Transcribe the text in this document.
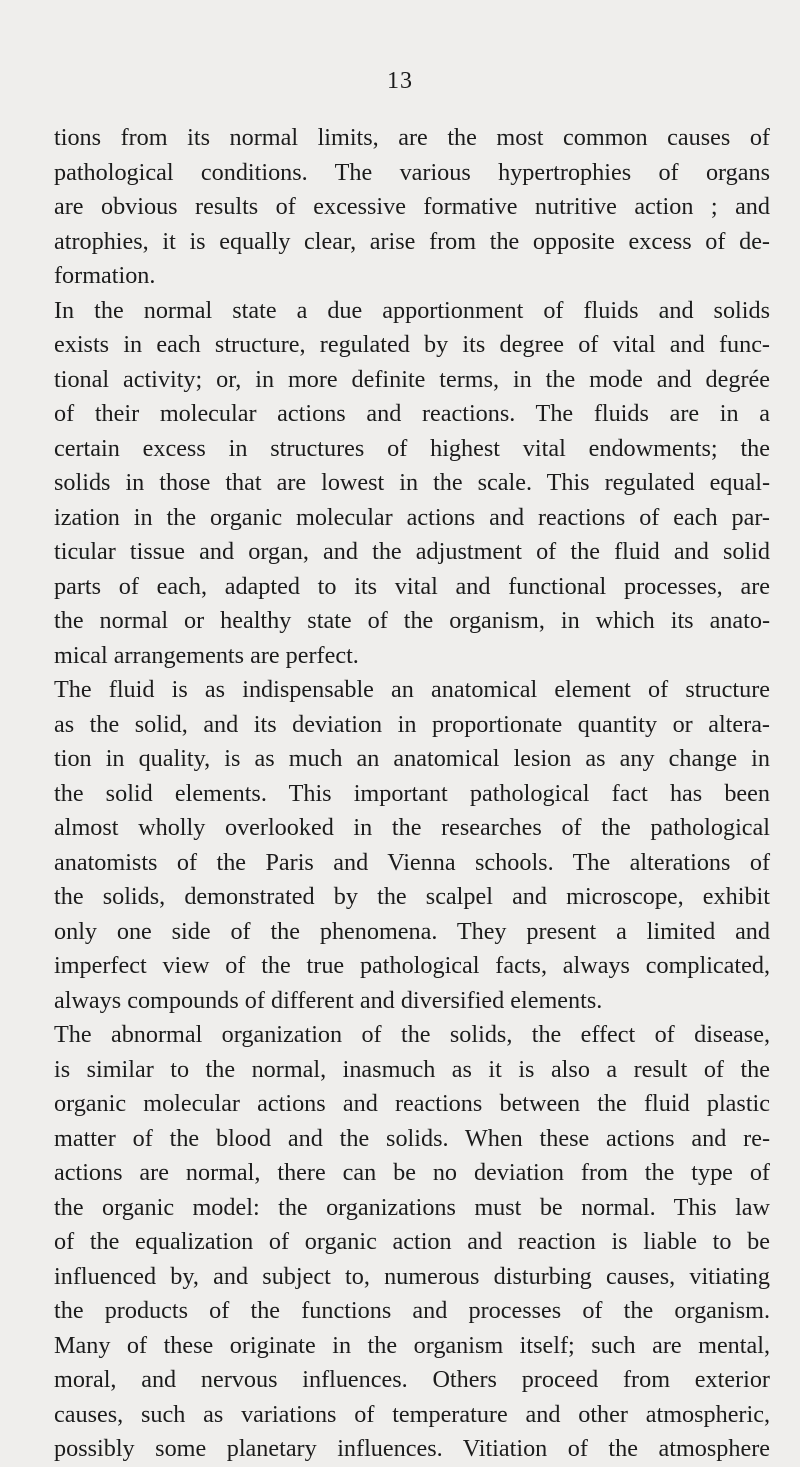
13
tions from its normal limits, are the most common causes of
pathological conditions. The various hypertrophies of organs
are obvious results of excessive formative nutritive action ; and
atrophies, it is equally clear, arise from the opposite excess of de-
formation.
In the normal state a due apportionment of fluids and solids
exists in each structure, regulated by its degree of vital and func-
tional activity; or, in more definite terms, in the mode and degrée
of their molecular actions and reactions. The fluids are in a
certain excess in structures of highest vital endowments; the
solids in those that are lowest in the scale. This regulated equal-
ization in the organic molecular actions and reactions of each par-
ticular tissue and organ, and the adjustment of the fluid and solid
parts of each, adapted to its vital and functional processes, are
the normal or healthy state of the organism, in which its anato-
mical arrangements are perfect.
The fluid is as indispensable an anatomical element of structure
as the solid, and its deviation in proportionate quantity or altera-
tion in quality, is as much an anatomical lesion as any change in
the solid elements. This important pathological fact has been
almost wholly overlooked in the researches of the pathological
anatomists of the Paris and Vienna schools. The alterations of
the solids, demonstrated by the scalpel and microscope, exhibit
only one side of the phenomena. They present a limited and
imperfect view of the true pathological facts, always complicated,
always compounds of different and diversified elements.
The abnormal organization of the solids, the effect of disease,
is similar to the normal, inasmuch as it is also a result of the
organic molecular actions and reactions between the fluid plastic
matter of the blood and the solids. When these actions and re-
actions are normal, there can be no deviation from the type of
the organic model: the organizations must be normal. This law
of the equalization of organic action and reaction is liable to be
influenced by, and subject to, numerous disturbing causes, vitiating
the products of the functions and processes of the organism.
Many of these originate in the organism itself; such are mental,
moral, and nervous influences. Others proceed from exterior
causes, such as variations of temperature and other atmospheric,
possibly some planetary influences. Vitiation of the atmosphere
